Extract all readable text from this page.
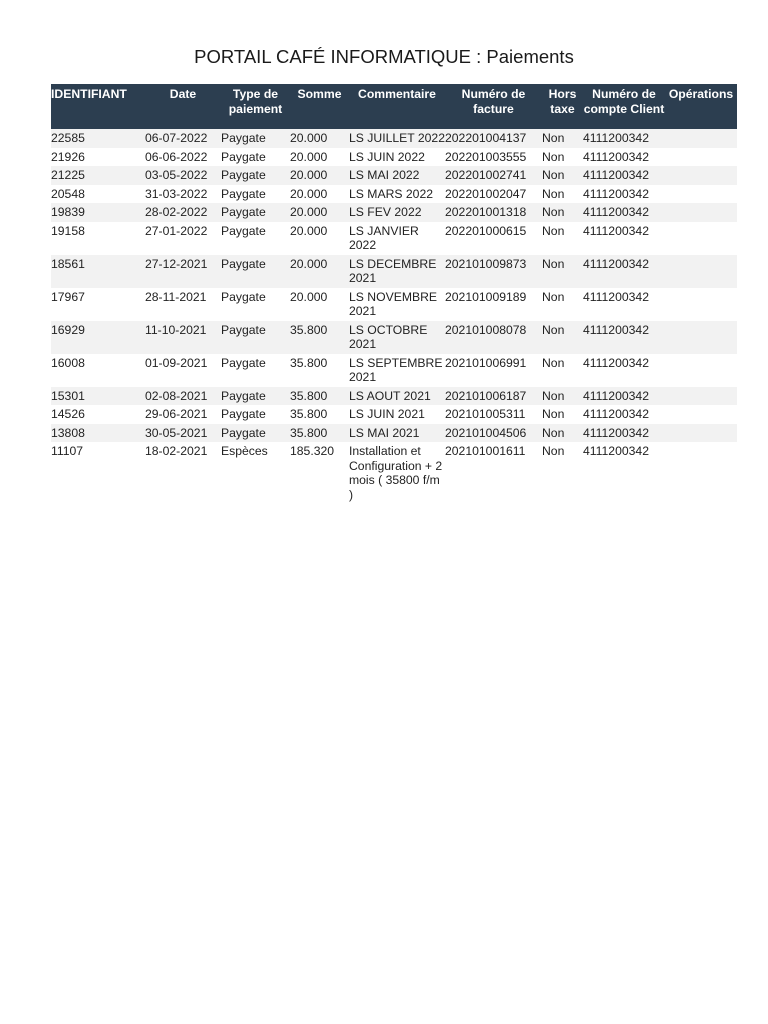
PORTAIL CAFÉ INFORMATIQUE : Paiements
IDENTIFIANT	Date	Type de paiement	Somme	Commentaire	Numéro de facture	Hors taxe	Numéro de compte Client	Opérations
22585	06-07-2022	Paygate	20.000	LS JUILLET 2022	202201004137	Non	4111200342	
21926	06-06-2022	Paygate	20.000	LS JUIN 2022	202201003555	Non	4111200342	
21225	03-05-2022	Paygate	20.000	LS MAI 2022	202201002741	Non	4111200342	
20548	31-03-2022	Paygate	20.000	LS MARS 2022	202201002047	Non	4111200342	
19839	28-02-2022	Paygate	20.000	LS FEV 2022	202201001318	Non	4111200342	
19158	27-01-2022	Paygate	20.000	LS JANVIER 2022	202201000615	Non	4111200342	
18561	27-12-2021	Paygate	20.000	LS DECEMBRE 2021	202101009873	Non	4111200342	
17967	28-11-2021	Paygate	20.000	LS NOVEMBRE 2021	202101009189	Non	4111200342	
16929	11-10-2021	Paygate	35.800	LS OCTOBRE 2021	202101008078	Non	4111200342	
16008	01-09-2021	Paygate	35.800	LS SEPTEMBRE 2021	202101006991	Non	4111200342	
15301	02-08-2021	Paygate	35.800	LS AOUT 2021	202101006187	Non	4111200342	
14526	29-06-2021	Paygate	35.800	LS JUIN 2021	202101005311	Non	4111200342	
13808	30-05-2021	Paygate	35.800	LS MAI 2021	202101004506	Non	4111200342	
11107	18-02-2021	Espèces	185.320	Installation et Configuration + 2 mois ( 35800 f/m )	202101001611	Non	4111200342	
